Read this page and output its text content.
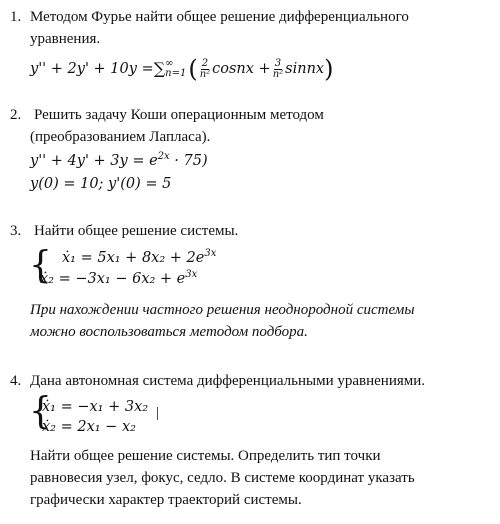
1. Методом Фурье найти общее решение дифференциального
уравнения.
y'' + 2y' + 10y = ∑ ∞
n=1 ( $\frac{2}{\text{n²}}$ cosnx + $\frac{3}{\text{n²}}$ sinnx )
2. Решить задачу Коши операционным методом
(преобразованием Лапласа).
$y'' + 4y' + 3y = e^{2x} \cdot 75$)
y(0) = 10; y'(0) = 5
3. Найти общее решение системы.
{ ẋ₁ = $5x_1 + 8x_2 + 2e^{3x}$
ẋ₂ = $-3x_1 - 6x_2 + e^{3x}$
При нахождении частного решения неоднородной системы
можно воспользоваться методом подбора.
4. Дана автономная система дифференциальными уравнениями.
{
ẋ₁ = −x₁ + 3x₂
ẋ₂ = 2x₁ − x₂
|
Найти общее решение системы. Определить тип точки
равновесия узел, фокус, седло. В системе координат указать
графически характер траекторий системы.
